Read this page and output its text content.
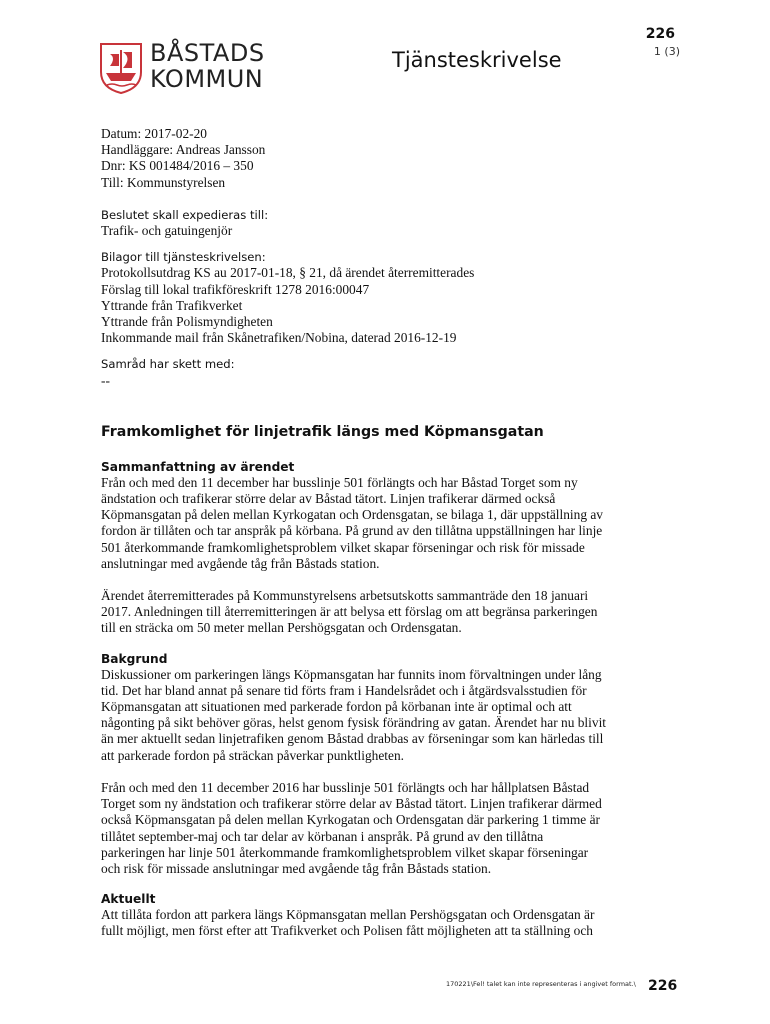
BÅSTADS
KOMMUN
Tjänsteskrivelse
226
1 (3)
Datum: 2017-02-20
Handläggare: Andreas Jansson
Dnr: KS 001484/2016 – 350
Till: Kommunstyrelsen
Beslutet skall expedieras till:
Trafik- och gatuingenjör
Bilagor till tjänsteskrivelsen:
Protokollsutdrag KS au 2017-01-18, § 21, då ärendet återremitterades
Förslag till lokal trafikföreskrift 1278 2016:00047
Yttrande från Trafikverket
Yttrande från Polismyndigheten
Inkommande mail från Skånetrafiken/Nobina, daterad 2016-12-19
Samråd har skett med:
--
Framkomlighet för linjetrafik längs med Köpmansgatan
Sammanfattning av ärendet

Från och med den 11 december har busslinje 501 förlängts och har Båstad Torget som ny
ändstation och trafikerar större delar av Båstad tätort. Linjen trafikerar därmed också
Köpmansgatan på delen mellan Kyrkogatan och Ordensgatan, se bilaga 1, där uppställning av
fordon är tillåten och tar anspråk på körbana. På grund av den tillåtna uppställningen har linje
501 återkommande framkomlighetsproblem vilket skapar förseningar och risk för missade
anslutningar med avgående tåg från Båstads station.

Ärendet återremitterades på Kommunstyrelsens arbetsutskotts sammanträde den 18 januari
2017. Anledningen till återremitteringen är att belysa ett förslag om att begränsa parkeringen
till en sträcka om 50 meter mellan Pershögsgatan och Ordensgatan.

Bakgrund

Diskussioner om parkeringen längs Köpmansgatan har funnits inom förvaltningen under lång
tid. Det har bland annat på senare tid förts fram i Handelsrådet och i åtgärdsvalsstudien för
Köpmansgatan att situationen med parkerade fordon på körbanan inte är optimal och att
någonting på sikt behöver göras, helst genom fysisk förändring av gatan. Ärendet har nu blivit
än mer aktuellt sedan linjetrafiken genom Båstad drabbas av förseningar som kan härledas till
att parkerade fordon på sträckan påverkar punktligheten.

Från och med den 11 december 2016 har busslinje 501 förlängts och har hållplatsen Båstad
Torget som ny ändstation och trafikerar större delar av Båstad tätort. Linjen trafikerar därmed
också Köpmansgatan på delen mellan Kyrkogatan och Ordensgatan där parkering 1 timme är
tillåtet september-maj och tar delar av körbanan i anspråk. På grund av den tillåtna
parkeringen har linje 501 återkommande framkomlighetsproblem vilket skapar förseningar
och risk för missade anslutningar med avgående tåg från Båstads station.

Aktuellt

Att tillåta fordon att parkera längs Köpmansgatan mellan Pershögsgatan och Ordensgatan är
fullt möjligt, men först efter att Trafikverket och Polisen fått möjligheten att ta ställning och

170221\Fel! talet kan inte representeras i angivet format.\ 226
